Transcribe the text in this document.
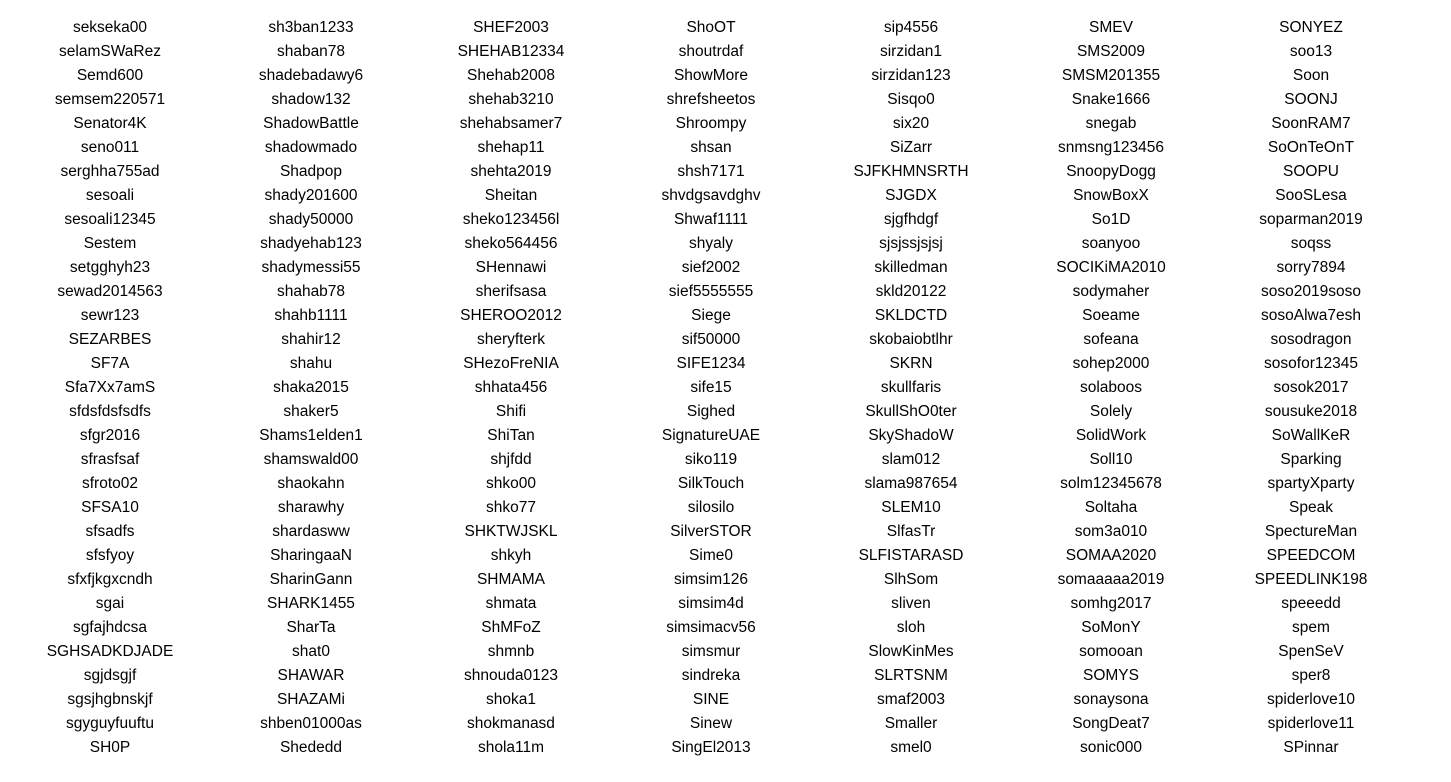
sekseka00
selamSWaRez
Semd600
semsem220571
Senator4K
seno011
serghha755ad
sesoali
sesoali12345
Sestem
setgghyh23
sewad2014563
sewr123
SEZARBES
SF7A
Sfa7Xx7amS
sfdsfdsfsdfs
sfgr2016
sfrasfsaf
sfroto02
SFSA10
sfsadfs
sfsfyoy
sfxfjkgxcndh
sgai
sgfajhdcsa
SGHSADKDJADE
sgjdsgjf
sgsjhgbnskjf
sgyguyfuuftu
SH0P
sh3ban1233
shaban78
shadebadawy6
shadow132
ShadowBattle
shadowmado
Shadpop
shady201600
shady50000
shadyehab123
shadymessi55
shahab78
shahb1111
shahir12
shahu
shaka2015
shaker5
Shams1elden1
shamswald00
shaokahn
sharawhy
shardasww
SharingaaN
SharinGann
SHARK1455
SharTa
shat0
SHAWAR
SHAZAMi
shben01000as
Shededd
SHEF2003
SHEHAB12334
Shehab2008
shehab3210
shehabsamer7
shehap11
shehta2019
Sheitan
sheko123456l
sheko564456
SHennawi
sherifsasa
SHEROO2012
sheryfterk
SHezoFreNIA
shhata456
Shifi
ShiTan
shjfdd
shko00
shko77
SHKTWJSKL
shkyh
SHMAMA
shmata
ShMFoZ
shmnb
shnouda0123
shoka1
shokmanasd
shola11m
ShoOT
shoutrdaf
ShowMore
shrefsheetos
Shroompy
shsan
shsh7171
shvdgsavdghv
Shwaf1111
shyaly
sief2002
sief5555555
Siege
sif50000
SIFE1234
sife15
Sighed
SignatureUAE
siko119
SilkTouch
silosilo
SilverSTOR
Sime0
simsim126
simsim4d
simsimacv56
simsmur
sindreka
SINE
Sinew
SingEl2013
sip4556
sirzidan1
sirzidan123
Sisqo0
six20
SiZarr
SJFKHMNSRTH
SJGDX
sjgfhdgf
sjsjssjsjsj
skilledman
skld20122
SKLDCTD
skobaiobtlhr
SKRN
skullfaris
SkullShO0ter
SkyShadoW
slam012
slama987654
SLEM10
SlfasTr
SLFISTARASD
SlhSom
sliven
sloh
SlowKinMes
SLRTSNM
smaf2003
Smaller
smel0
SMEV
SMS2009
SMSM201355
Snake1666
snegab
snmsng123456
SnoopyDogg
SnowBoxX
So1D
soanyoo
SOCIKiMA2010
sodymaher
Soeame
sofeana
sohep2000
solaboos
Solely
SolidWork
Soll10
solm12345678
Soltaha
som3a010
SOMAA2020
somaaaaa2019
somhg2017
SoMonY
somooan
SOMYS
sonaysona
SongDeat7
sonic000
SONYEZ
soo13
Soon
SOONJ
SoonRAM7
SoOnTeOnT
SOOPU
SooSLesa
soparman2019
soqss
sorry7894
soso2019soso
sosoAlwa7esh
sosodragon
sosofor12345
sosok2017
sousuke2018
SoWallKeR
Sparking
spartyXparty
Speak
SpectureMan
SPEEDCOM
SPEEDLINK198
speeedd
spem
SpenSeV
sper8
spiderlove10
spiderlove11
SPinnar
